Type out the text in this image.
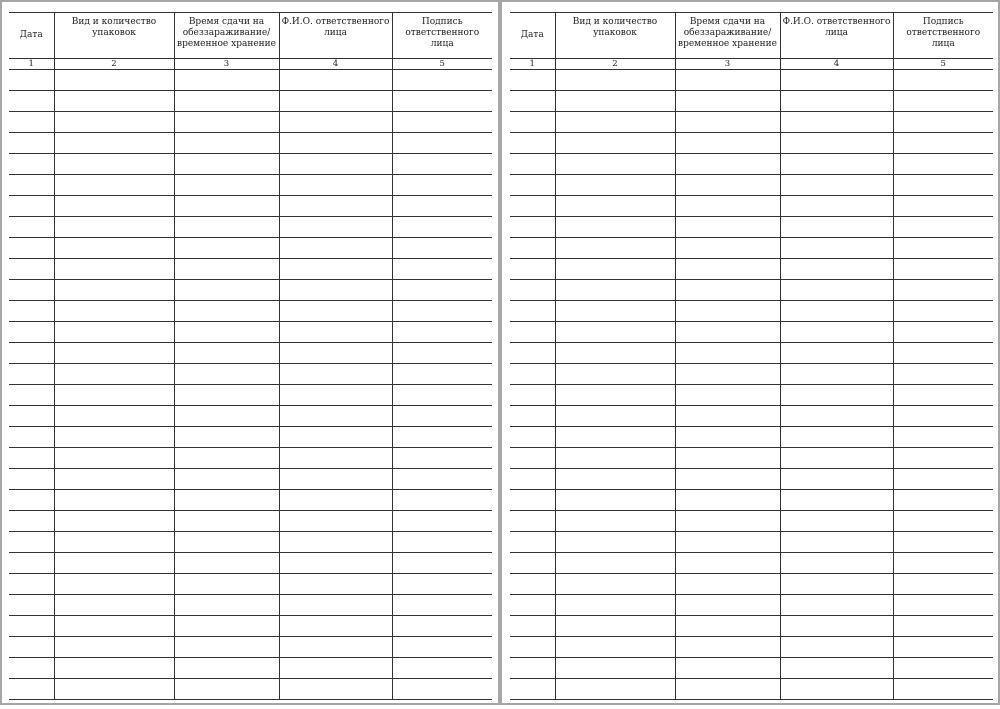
Дата	Вид и количество упаковок	Время сдачи на обеззараживание/ временное хранение	Ф.И.О. ответственного лица	Подпись ответственного лица
1	2	3	4	5

Дата	Вид и количество упаковок	Время сдачи на обеззараживание/ временное хранение	Ф.И.О. ответственного лица	Подпись ответственного лица
1	2	3	4	5
